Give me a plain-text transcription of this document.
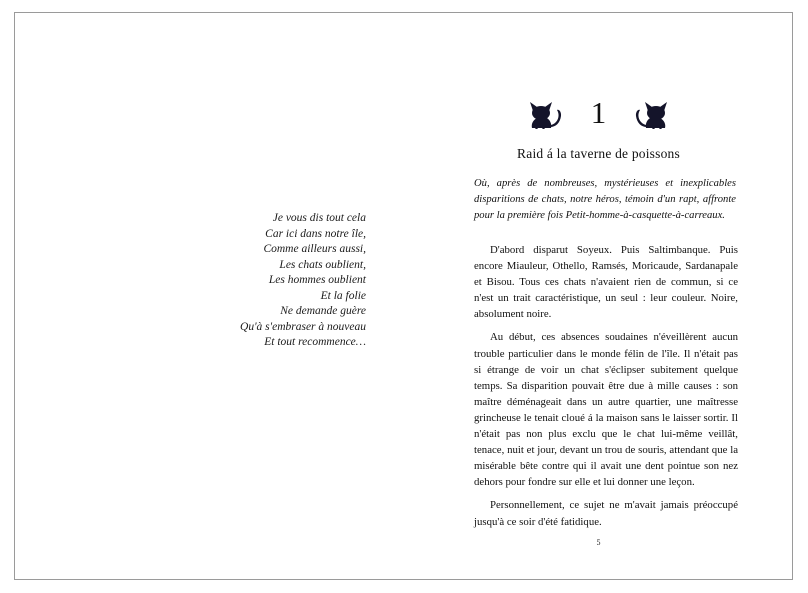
Je vous dis tout cela
Car ici dans notre île,
Comme ailleurs aussi,
Les chats oublient,
Les hommes oublient
Et la folie
Ne demande guère
Qu'à s'embraser à nouveau
Et tout recommence…
1
Raid á la taverne de poissons
Où, après de nombreuses, mystérieuses et inexplicables disparitions de chats, notre héros, témoin d'un rapt, affronte pour la première fois Petit-homme-à-casquette-à-carreaux.

D'abord disparut Soyeux. Puis Saltimbanque. Puis encore Miauleur, Othello, Ramsés, Moricaude, Sardanapale et Bisou. Tous ces chats n'avaient rien de commun, si ce n'est un trait caractéristique, un seul : leur couleur. Noire, absolument noire.

Au début, ces absences soudaines n'éveillèrent aucun trouble particulier dans le monde félin de l'île. Il n'était pas si étrange de voir un chat s'éclipser subitement quelque temps. Sa disparition pouvait être due à mille causes : son maître déménageait dans un autre quartier, une maîtresse grincheuse le tenait cloué á la maison sans le laisser sortir. Il n'était pas non plus exclu que le chat lui-même veillât, tenace, nuit et jour, devant un trou de souris, attendant que la misérable bête contre qui il avait une dent pointue son nez dehors pour fondre sur elle et lui donner une leçon.

Personnellement, ce sujet ne m'avait jamais préoccupé jusqu'à ce soir d'été fatidique.

5
